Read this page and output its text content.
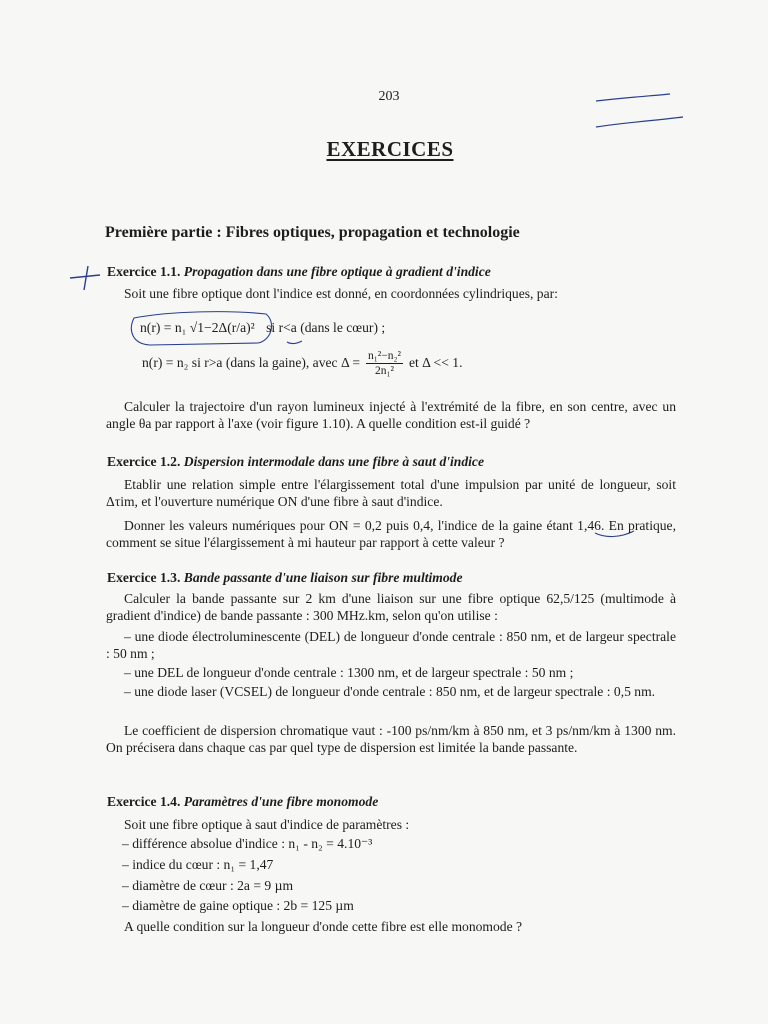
203
EXERCICES
Première partie : Fibres optiques, propagation et technologie
Exercice 1.1. Propagation dans une fibre optique à gradient d'indice
Soit une fibre optique dont l'indice est donné, en coordonnées cylindriques, par:
n(r) = n₁ √1−2Δ(r/a)² si r<a (dans le cœur) ;
n(r) = n₂ si r>a (dans la gaine), avec $\Delta = \frac{\text{n₁²−n₂²}}{\text{2n₁²}}$ et Δ << 1.
Calculer la trajectoire d'un rayon lumineux injecté à l'extrémité de la fibre, en son centre, avec un angle θa par rapport à l'axe (voir figure 1.10). A quelle condition est-il guidé ?
Exercice 1.2. Dispersion intermodale dans une fibre à saut d'indice
Etablir une relation simple entre l'élargissement total d'une impulsion par unité de longueur, soit Δτim, et l'ouverture numérique ON d'une fibre à saut d'indice.
Donner les valeurs numériques pour ON = 0,2 puis 0,4, l'indice de la gaine étant 1,46. En pratique, comment se situe l'élargissement à mi hauteur par rapport à cette valeur ?
Exercice 1.3. Bande passante d'une liaison sur fibre multimode
Calculer la bande passante sur 2 km d'une liaison sur une fibre optique 62,5/125 (multimode à gradient d'indice) de bande passante : 300 MHz.km, selon qu'on utilise :
– une diode électroluminescente (DEL) de longueur d'onde centrale : 850 nm, et de largeur spectrale : 50 nm ;
– une DEL de longueur d'onde centrale : 1300 nm, et de largeur spectrale : 50 nm ;
– une diode laser (VCSEL) de longueur d'onde centrale : 850 nm, et de largeur spectrale : 0,5 nm.
Le coefficient de dispersion chromatique vaut : -100 ps/nm/km à 850 nm, et 3 ps/nm/km à 1300 nm. On précisera dans chaque cas par quel type de dispersion est limitée la bande passante.
Exercice 1.4. Paramètres d'une fibre monomode
Soit une fibre optique à saut d'indice de paramètres :
– différence absolue d'indice : n₁ - n₂ = 4.10⁻³
– indice du cœur : n₁ = 1,47
– diamètre de cœur : 2a = 9 µm
– diamètre de gaine optique : 2b = 125 µm
A quelle condition sur la longueur d'onde cette fibre est elle monomode ?
